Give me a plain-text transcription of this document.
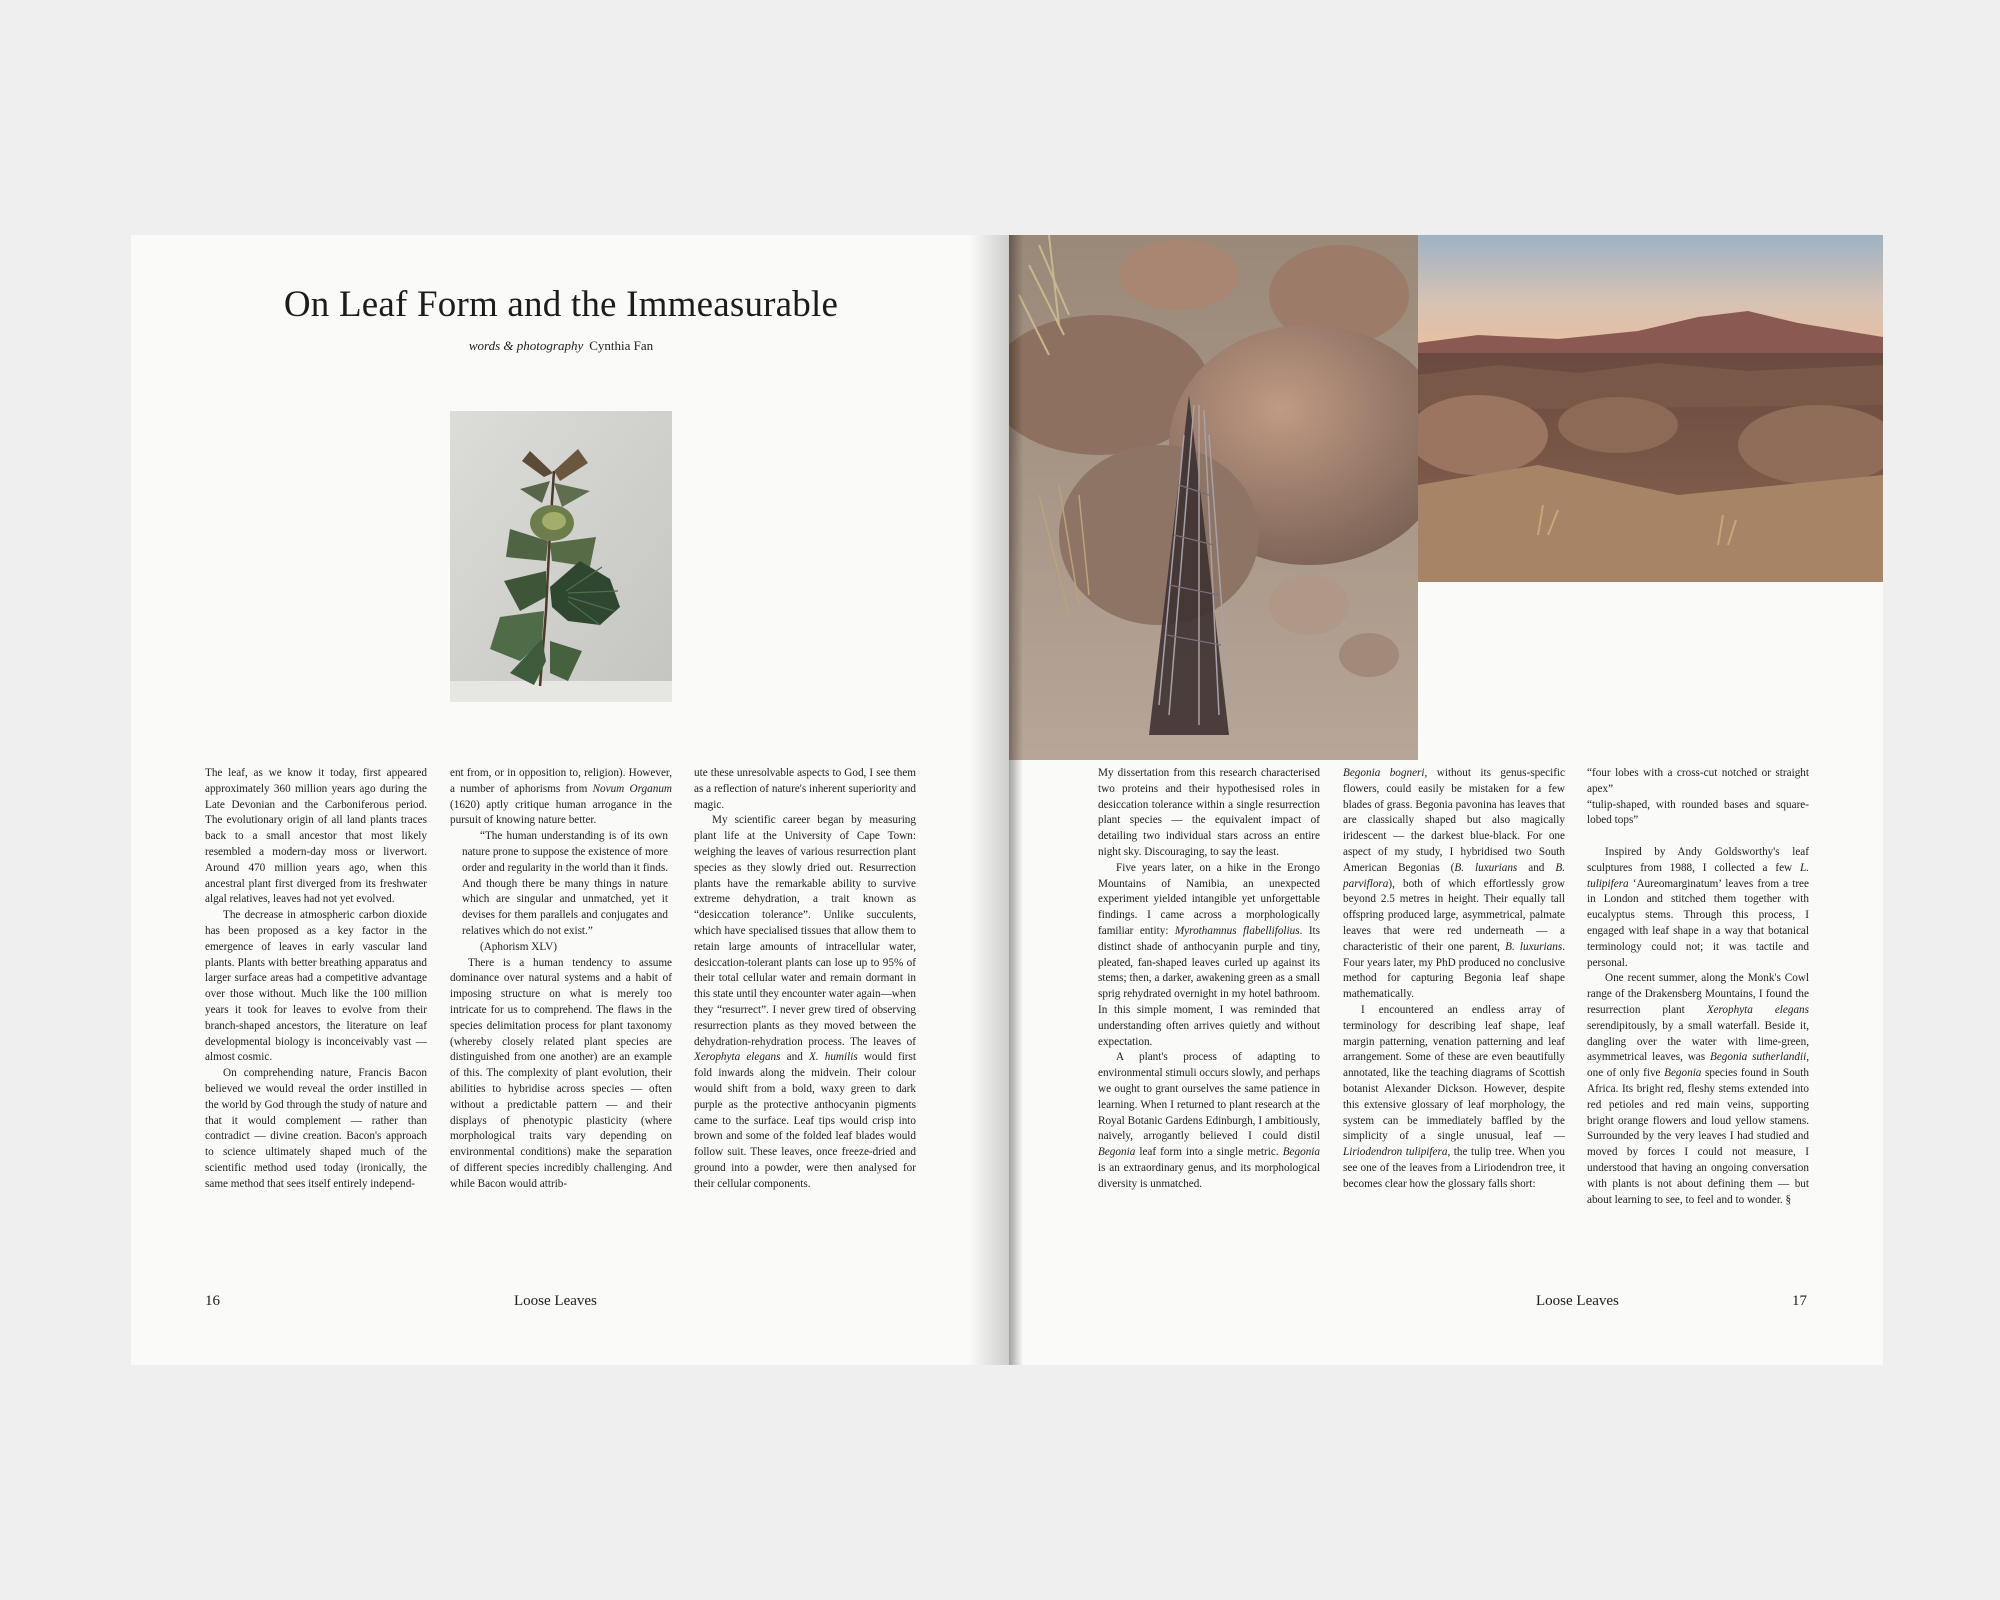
On Leaf Form and the Immeasurable
words & photography Cynthia Fan

The leaf, as we know it today, first appeared approximately 360 million years ago during the Late Devonian and the Carboniferous period. The evolutionary origin of all land plants traces back to a small ancestor that most likely resembled a modern-day moss or liverwort. Around 470 million years ago, when this ancestral plant first diverged from its freshwater algal relatives, leaves had not yet evolved.

The decrease in atmospheric carbon dioxide has been proposed as a key factor in the emergence of leaves in early vascular land plants. Plants with better breathing apparatus and larger surface areas had a competitive advantage over those without. Much like the 100 million years it took for leaves to evolve from their branch-shaped ancestors, the literature on leaf developmental biology is inconceivably vast — almost cosmic.

On comprehending nature, Francis Bacon believed we would reveal the order instilled in the world by God through the study of nature and that it would complement — rather than contradict — divine creation. Bacon's approach to science ultimately shaped much of the scientific method used today (ironically, the same method that sees itself entirely independ-

ent from, or in opposition to, religion). However, a number of aphorisms from Novum Organum (1620) aptly critique human arrogance in the pursuit of knowing nature better.

“The human understanding is of its own nature prone to suppose the existence of more order and regularity in the world than it finds. And though there be many things in nature which are singular and unmatched, yet it devises for them parallels and conjugates and relatives which do not exist.”

(Aphorism XLV)

There is a human tendency to assume dominance over natural systems and a habit of imposing structure on what is merely too intricate for us to comprehend. The flaws in the species delimitation process for plant taxonomy (whereby closely related plant species are distinguished from one another) are an example of this. The complexity of plant evolution, their abilities to hybridise across species — often without a predictable pattern — and their displays of phenotypic plasticity (where morphological traits vary depending on environmental conditions) make the separation of different species incredibly challenging. And while Bacon would attrib-

ute these unresolvable aspects to God, I see them as a reflection of nature's inherent superiority and magic.

My scientific career began by measuring plant life at the University of Cape Town: weighing the leaves of various resurrection plant species as they slowly dried out. Resurrection plants have the remarkable ability to survive extreme dehydration, a trait known as “desiccation tolerance”. Unlike succulents, which have specialised tissues that allow them to retain large amounts of intracellular water, desiccation-tolerant plants can lose up to 95% of their total cellular water and remain dormant in this state until they encounter water again—when they “resurrect”. I never grew tired of observing resurrection plants as they moved between the dehydration-rehydration process. The leaves of Xerophyta elegans and X. humilis would first fold inwards along the midvein. Their colour would shift from a bold, waxy green to dark purple as the protective anthocyanin pigments came to the surface. Leaf tips would crisp into brown and some of the folded leaf blades would follow suit. These leaves, once freeze-dried and ground into a powder, were then analysed for their cellular components.

16	Loose Leaves

My dissertation from this research characterised two proteins and their hypothesised roles in desiccation tolerance within a single resurrection plant species — the equivalent impact of detailing two individual stars across an entire night sky. Discouraging, to say the least.

Five years later, on a hike in the Erongo Mountains of Namibia, an unexpected experiment yielded intangible yet unforgettable findings. I came across a morphologically familiar entity: Myrothamnus flabellifolius. Its distinct shade of anthocyanin purple and tiny, pleated, fan-shaped leaves curled up against its stems; then, a darker, awakening green as a small sprig rehydrated overnight in my hotel bathroom. In this simple moment, I was reminded that understanding often arrives quietly and without expectation.

A plant's process of adapting to environmental stimuli occurs slowly, and perhaps we ought to grant ourselves the same patience in learning. When I returned to plant research at the Royal Botanic Gardens Edinburgh, I ambitiously, naively, arrogantly believed I could distil Begonia leaf form into a single metric. Begonia is an extraordinary genus, and its morphological diversity is unmatched.

Begonia bogneri, without its genus-specific flowers, could easily be mistaken for a few blades of grass. Begonia pavonina has leaves that are classically shaped but also magically iridescent — the darkest blue-black. For one aspect of my study, I hybridised two South American Begonias (B. luxurians and B. parviflora), both of which effortlessly grow beyond 2.5 metres in height. Their equally tall offspring produced large, asymmetrical, palmate leaves that were red underneath — a characteristic of their one parent, B. luxurians. Four years later, my PhD produced no conclusive method for capturing Begonia leaf shape mathematically.

I encountered an endless array of terminology for describing leaf shape, leaf margin patterning, venation patterning and leaf arrangement. Some of these are even beautifully annotated, like the teaching diagrams of Scottish botanist Alexander Dickson. However, despite this extensive glossary of leaf morphology, the system can be immediately baffled by the simplicity of a single unusual, leaf — Liriodendron tulipifera, the tulip tree. When you see one of the leaves from a Liriodendron tree, it becomes clear how the glossary falls short:

“four lobes with a cross-cut notched or straight apex”

“tulip-shaped, with rounded bases and square-lobed tops”

Inspired by Andy Goldsworthy's leaf sculptures from 1988, I collected a few L. tulipifera ‘Aureomarginatum’ leaves from a tree in London and stitched them together with eucalyptus stems. Through this process, I engaged with leaf shape in a way that botanical terminology could not; it was tactile and personal.

One recent summer, along the Monk's Cowl range of the Drakensberg Mountains, I found the resurrection plant Xerophyta elegans serendipitously, by a small waterfall. Beside it, dangling over the water with lime-green, asymmetrical leaves, was Begonia sutherlandii, one of only five Begonia species found in South Africa. Its bright red, fleshy stems extended into red petioles and red main veins, supporting bright orange flowers and loud yellow stamens. Surrounded by the very leaves I had studied and moved by forces I could not measure, I understood that having an ongoing conversation with plants is not about defining them — but about learning to see, to feel and to wonder. §

Loose Leaves	17
